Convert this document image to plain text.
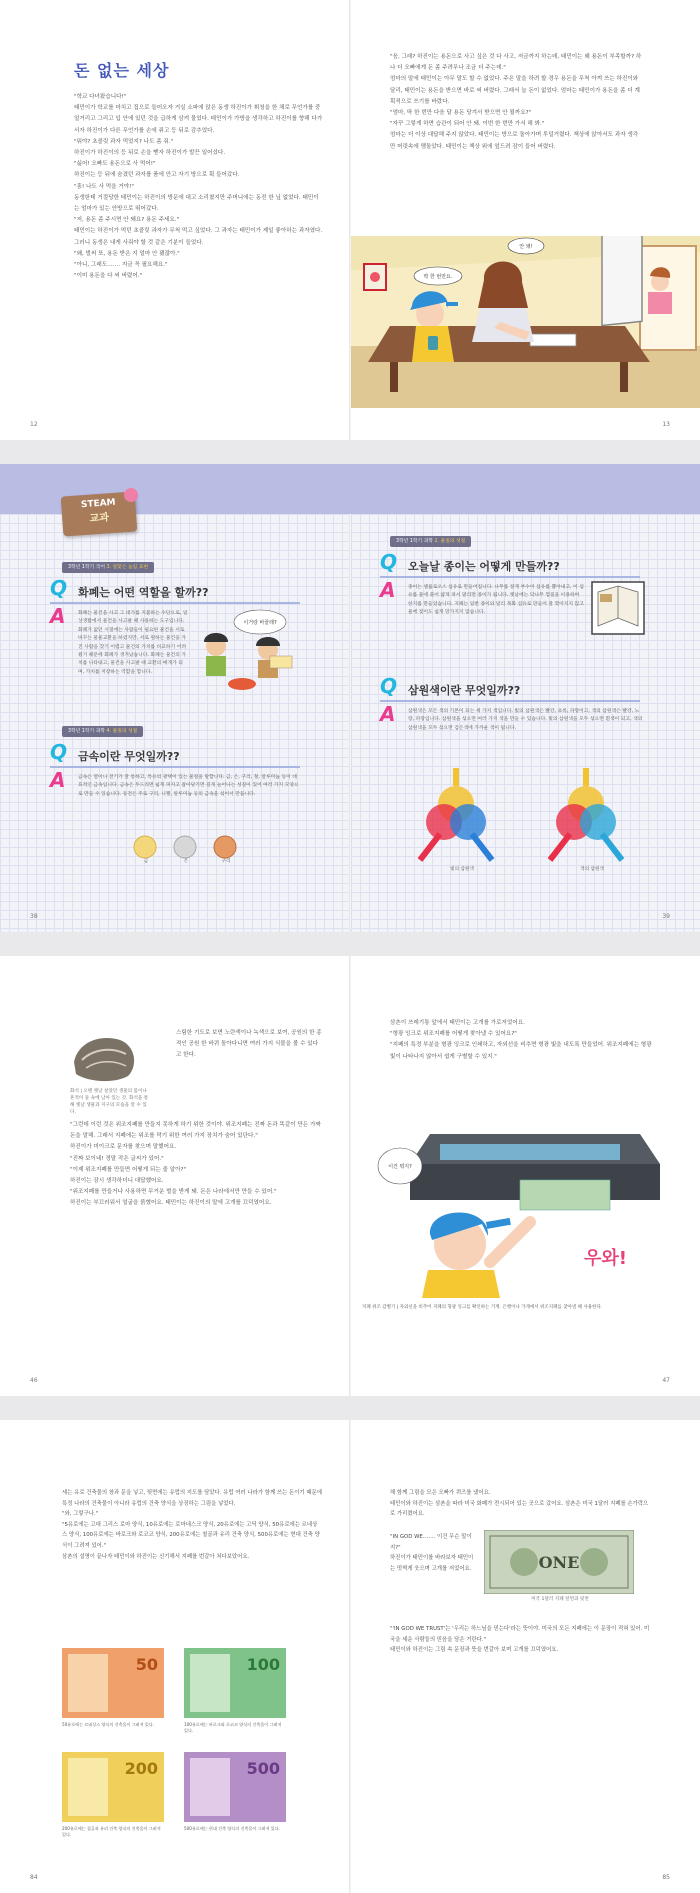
돈 없는 세상

"학교 다녀왔습니다!"

태민이가 학교를 마치고 집으로 들어오자 거실 소파에 앉은 동생 하진이가 휘청을 한 채로 무언가를 중얼거리고 그리고 입 안에 있던 것을 급하게 삼켜 물었다. 태민이가 가방을 생각하고 하진이를 향해 다가서자 하진이가 다른 무언가를 손에 쥐고 등 뒤로 감추었다.

"뭐야? 초콜릿 과자 먹었지? 나도 좀 줘."

하진이가 하진이의 등 뒤로 손을 뻗자 하진이가 발끈 일어섰다.

"싫어! 오빠도 용돈으로 사 먹어!"

하진이는 등 뒤에 숨겼던 과자를 품에 안고 자기 방으로 휙 들어갔다.

"흥! 나도 사 먹을 거야!"

동생한테 거절당한 태민이는 하진이의 방문에 대고 소리쳤지만 주머니에는 동전 한 닢 없었다. 태민이는 엄마가 있는 안방으로 뛰어갔다.

"저, 용돈 좀 주시면 안 돼요? 용돈 주세요."

태민이는 하진이가 먹던 초콜릿 과자가 무척 먹고 싶었다. 그 과자는 태민이가 제일 좋아하는 과자였다. 그러니 동생은 내게 사줘야 할 것 같은 기분이 들었다.

"왜, 벌써 또, 용돈 받은 지 얼마 안 됐잖아."

"아니, 그래도……. 지금 꼭 필요해요."

"이미 용돈을 다 써 버렸어."

12

"음, 그래? 하진이는 용돈으로 사고 싶은 것 다 사고, 저금까지 하는데, 태민이는 왜 용돈이 부족할까? 하나 더 오빠에게 돈 좀 주려무나 조금 더 주는데."

엄마의 말에 태민이는 아무 말도 할 수 없었다. 주은 말을 하려 할 경우 용돈을 무척 아껴 쓰는 하진이와 달리, 태민이는 용돈을 받으면 바로 써 버렸다. 그래서 늘 돈이 없었다. 엄마는 태민이가 용돈을 좀 더 계획적으로 쓰기를 바랐다.

"엄마, 딱 한 번만 다음 달 용돈 당겨서 받으면 안 될까요?"

"자꾸 그렇게 하면 습관이 되어 안 돼. 이번 한 번만 가서 해 봐."

엄마는 더 이상 대답해 주지 않았다. 태민이는 방으로 돌아가며 투덜거렸다. 책상에 앉아서도 과자 생각만 머릿속에 맴돌았다. 태민이는 책상 위에 엎드려 잠이 들어 버렸다.

딱 한 번만요.
안 돼!
13
STEAM
교과
3학년 1학기 국어 3. 알맞은 높임 표현
Q 화폐는 어떤 역할을 할까??
A	화폐는 물건을 사고 그 대가를 지불하는 수단으로, 일상생활에서 물건을 사고팔 때 사용하는 도구입니다. 화폐가 없던 시절에는 사람들이 필요한 물건을 서로 바꾸는 물물교환을 하였지만, 서로 원하는 물건을 가진 사람을 찾기 어렵고 물건의 가치를 비교하기 어려웠기 때문에 화폐가 생겨났습니다. 화폐는 물건의 가치를 나타내고, 물건을 사고팔 때 교환의 매개가 되며, 가치를 저장하는 역할을 합니다.
이거랑 바꿀래?
3학년 1학기 과학 4. 물질의 성질
Q 금속이란 무엇일까??
A	금속은 열이나 전기가 잘 통하고, 특유의 광택이 있는 물질을 말합니다. 금, 은, 구리, 철, 알루미늄 등이 대표적인 금속입니다. 금속은 두드리면 넓게 펴지고 잡아당기면 길게 늘어나는 성질이 있어 여러 가지 모양으로 만들 수 있습니다. 동전은 주로 구리, 니켈, 알루미늄 등의 금속을 섞어서 만듭니다.
금	은	구리
38
3학년 1학기 과학 2. 물질의 성질
Q 오늘날 종이는 어떻게 만들까??
A	종이는 셀룰로오스 섬유로 만들어집니다. 나무를 잘게 부수어 섬유를 뽑아내고, 이 섬유를 물에 풀어 얇게 펴서 말리면 종이가 됩니다. 옛날에는 닥나무 껍질을 이용하여 한지를 만들었습니다. 지폐는 일반 종이와 달리 목화 섬유로 만들어 잘 찢어지지 않고 물에 젖어도 쉽게 망가지지 않습니다.
Q 삼원색이란 무엇일까??
A	삼원색은 모든 색의 기본이 되는 세 가지 색입니다. 빛의 삼원색은 빨강, 초록, 파랑이고, 색의 삼원색은 빨강, 노랑, 파랑입니다. 삼원색을 섞으면 여러 가지 색을 만들 수 있습니다. 빛의 삼원색을 모두 섞으면 흰색이 되고, 색의 삼원색을 모두 섞으면 검은색에 가까운 색이 됩니다.
빛의 삼원색	색의 삼원색
39
화석 | 오랜 옛날 살았던 생물의 몸이나 흔적이 돌 속에 남아 있는 것. 화석을 통해 옛날 생물과 지구의 모습을 알 수 있다.
스팀한 기도로 보면 노란색이나 녹색으로 보여, 공원의 한 종적인 공원 한 바퀴 돌아다니면 여러 가지 식물을 볼 수 있다고 한다.

"그런데 이런 것은 위조지폐를 만들지 못하게 하기 위한 것이야. 위조지폐는 진짜 돈과 똑같이 만든 가짜 돈을 말해. 그래서 지폐에는 위조를 막기 위한 여러 가지 장치가 숨어 있단다."

하진이가 미이크로 문자를 찾으며 말했어요.

"진짜 보이네! 정말 작은 글씨가 있어."

"이제 위조지폐를 만들면 어떻게 되는 줄 알아?"

하진이는 잠시 생각하더니 대답했어요.

"위조지폐를 만들거나 사용하면 무거운 벌을 받게 돼. 돈은 나라에서만 만들 수 있어."

하진이는 부끄러워서 얼굴을 붉혔어요. 태민이는 하진이의 말에 고개를 끄덕였어요.

46

삼촌이 쓰레기통 앞에서 태민이는 고개를 가로저었어요.

"형광 잉크로 위조지폐를 어떻게 찾아낼 수 있어요?"

"지폐의 특정 부분을 형광 잉크로 인쇄하고, 자외선을 비추면 형광 빛을 내도록 만들었어. 위조지폐에는 형광 빛이 나타나지 않아서 쉽게 구별할 수 있지."

이건 뭐지?
우와!
47
지폐 위조 감별기 | 자외선을 비추어 지폐의 형광 잉크를 확인하는 기계. 은행이나 가게에서 위조지폐를 찾아낼 때 사용한다.

세는 유로 건축물의 창과 문을 넣고, 뒷면에는 유럽의 지도를 담았다. 유럽 여러 나라가 함께 쓰는 돈이기 때문에 특정 나라의 건축물이 아니라 유럽의 건축 양식을 상징하는 그림을 넣었다.

"와, 그렇구나."

"5유로에는 고대 그리스 로마 양식, 10유로에는 로마네스크 양식, 20유로에는 고딕 양식, 50유로에는 르네상스 양식, 100유로에는 바로크와 로코코 양식, 200유로에는 철골과 유리 건축 양식, 500유로에는 현대 건축 양식이 그려져 있어."

삼촌의 설명이 끝나자 태민이와 하진이는 신기해서 지폐를 번갈아 쳐다보았어요.

50
50유로에는 르네상스 양식의 건축물이 그려져 있다.
100
100유로에는 바로크와 로코코 양식의 건축물이 그려져 있다.
200
200유로에는 철골과 유리 건축 양식의 건축물이 그려져 있다.
500
500유로에는 현대 건축 양식의 건축물이 그려져 있다.
84

해 함께 그림을 모은 오빠가 퀴즈를 냈어요.

태민이와 하진이는 삼촌을 따라 미국 화폐가 전시되어 있는 곳으로 갔어요. 삼촌은 미국 1달러 지폐를 손가락으로 가리켰어요.

"IN GOD WE……. 이건 무슨 말이지?"

하진이가 태민이를 바라보자 태민이는 멋쩍게 웃으며 고개를 저었어요.

미국 1달러 지폐 앞면과 뒷면

"'IN GOD WE TRUST'는 '우리는 하느님을 믿는다'라는 뜻이야. 미국의 모든 지폐에는 이 문장이 적혀 있어. 미국을 세운 사람들의 믿음을 담은 거란다."

태민이와 하진이는 그림 속 문장과 뜻을 번갈아 보며 고개를 끄덕였어요.

85
ONE
